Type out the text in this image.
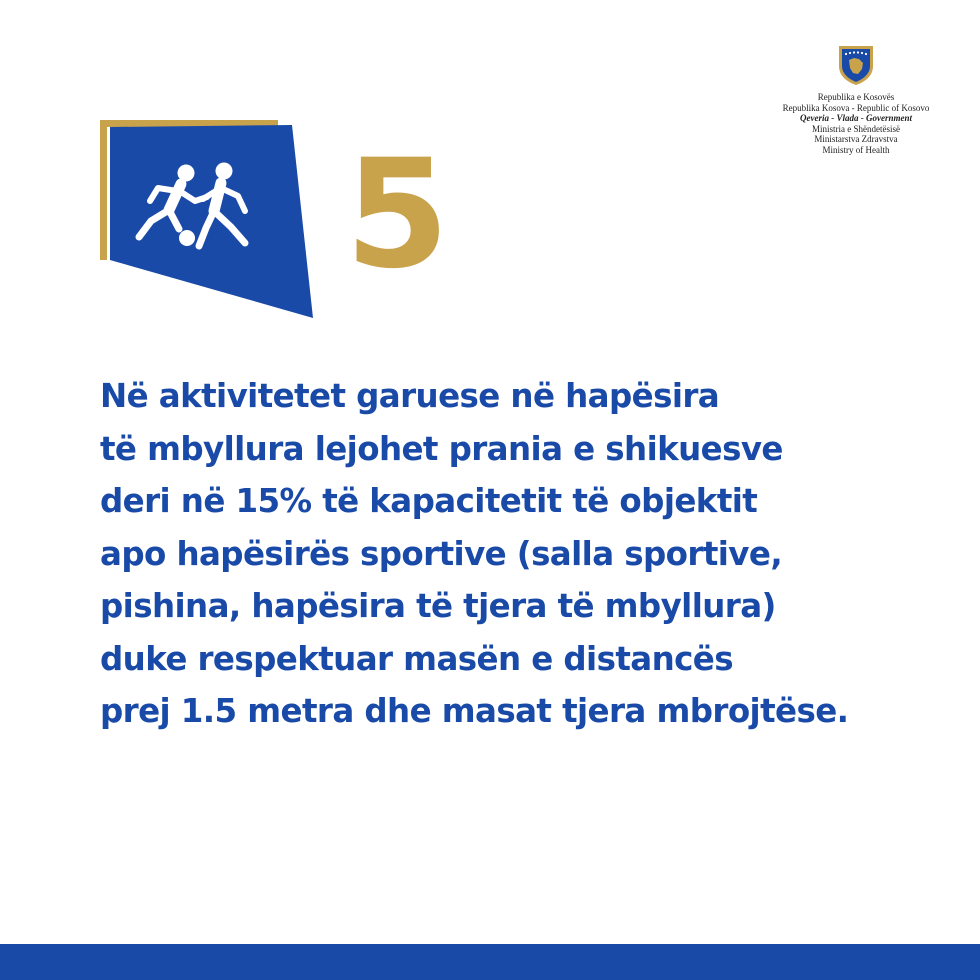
Republika e Kosovës
Republika Kosova - Republic of Kosovo
Qeveria - Vlada - Government
Ministria e Shëndetësisë
Ministarstva Zdravstva
Ministry of Health
5
Në aktivitetet garuese në hapësira
të mbyllura lejohet prania e shikuesve
deri në 15% të kapacitetit të objektit
apo hapësirës sportive (salla sportive,
pishina, hapësira të tjera të mbyllura)
duke respektuar masën e distancës
prej 1.5 metra dhe masat tjera mbrojtëse.
